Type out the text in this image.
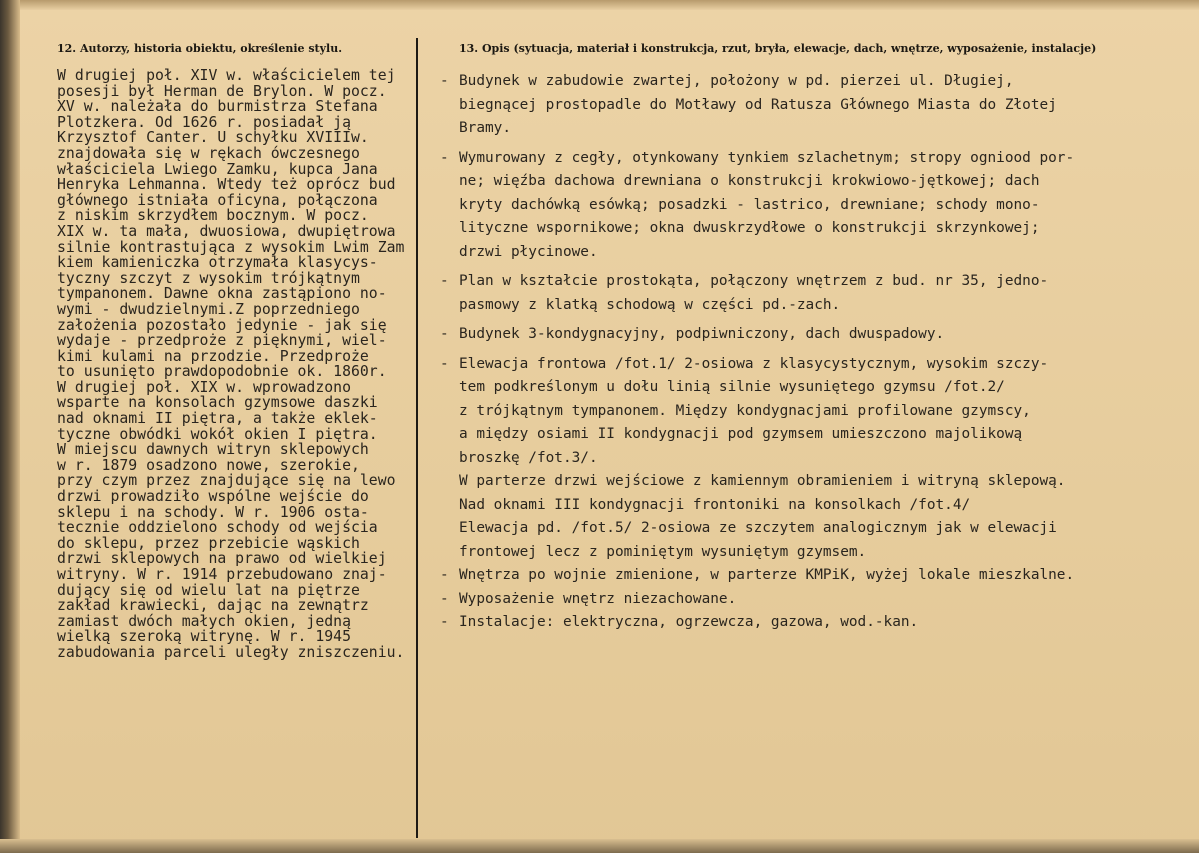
12. Autorzy, historia obiektu, określenie stylu.	13. Opis (sytuacja, materiał i konstrukcja, rzut, bryła, elewacje, dach, wnętrze, wyposażenie, instalacje)
W drugiej poł. XIV w. właścicielem tej
posesji był Herman de Brylon. W pocz.
XV w. należała do burmistrza Stefana
Plotzkera. Od 1626 r. posiadał ją
Krzysztof Canter. U schyłku XVIIIw.
znajdowała się w rękach ówczesnego
właściciela Lwiego Zamku, kupca Jana
Henryka Lehmanna. Wtedy też oprócz bud
głównego istniała oficyna, połączona
z niskim skrzydłem bocznym. W pocz.
XIX w. ta mała, dwuosiowa, dwupiętrowa
silnie kontrastująca z wysokim Lwim Zam
kiem kamieniczka otrzymała klasycys-
tyczny szczyt z wysokim trójkątnym
tympanonem. Dawne okna zastąpiono no-
wymi - dwudzielnymi.Z poprzedniego
założenia pozostało jedynie - jak się
wydaje - przedproże z pięknymi, wiel-
kimi kulami na przodzie. Przedproże
to usunięto prawdopodobnie ok. 1860r.
W drugiej poł. XIX w. wprowadzono
wsparte na konsolach gzymsowe daszki
nad oknami II piętra, a także eklek-
tyczne obwódki wokół okien I piętra.
W miejscu dawnych witryn sklepowych
w r. 1879 osadzono nowe, szerokie,
przy czym przez znajdujące się na lewo
drzwi prowadziło wspólne wejście do
sklepu i na schody. W r. 1906 osta-
tecznie oddzielono schody od wejścia
do sklepu, przez przebicie wąskich
drzwi sklepowych na prawo od wielkiej
witryny. W r. 1914 przebudowano znaj-
dujący się od wielu lat na piętrze
zakład krawiecki, dając na zewnątrz
zamiast dwóch małych okien, jedną
wielką szeroką witrynę. W r. 1945
zabudowania parceli uległy zniszczeniu.
- Budynek w zabudowie zwartej, położony w pd. pierzei ul. Długiej,
biegnącej prostopadle do Motławy od Ratusza Głównego Miasta do Złotej
Bramy.
- Wymurowany z cegły, otynkowany tynkiem szlachetnym; stropy ogniood por-
ne; więźba dachowa drewniana o konstrukcji krokwiowo-jętkowej; dach
kryty dachówką esówką; posadzki - lastrico, drewniane; schody mono-
lityczne wspornikowe; okna dwuskrzydłowe o konstrukcji skrzynkowej;
drzwi płycinowe.
- Plan w kształcie prostokąta, połączony wnętrzem z bud. nr 35, jedno-
pasmowy z klatką schodową w części pd.-zach.
- Budynek 3-kondygnacyjny, podpiwniczony, dach dwuspadowy.
- Elewacja frontowa /fot.1/ 2-osiowa z klasycystycznym, wysokim szczy-
tem podkreślonym u dołu linią silnie wysuniętego gzymsu /fot.2/
z trójkątnym tympanonem. Między kondygnacjami profilowane gzymscy,
a między osiami II kondygnacji pod gzymsem umieszczono majolikową
broszkę /fot.3/.
W parterze drzwi wejściowe z kamiennym obramieniem i witryną sklepową.
Nad oknami III kondygnacji frontoniki na konsolkach /fot.4/
Elewacja pd. /fot.5/ 2-osiowa ze szczytem analogicznym jak w elewacji
frontowej lecz z pominiętym wysuniętym gzymsem.
- Wnętrza po wojnie zmienione, w parterze KMPiK, wyżej lokale mieszkalne.
- Wyposażenie wnętrz niezachowane.
- Instalacje: elektryczna, ogrzewcza, gazowa, wod.-kan.
